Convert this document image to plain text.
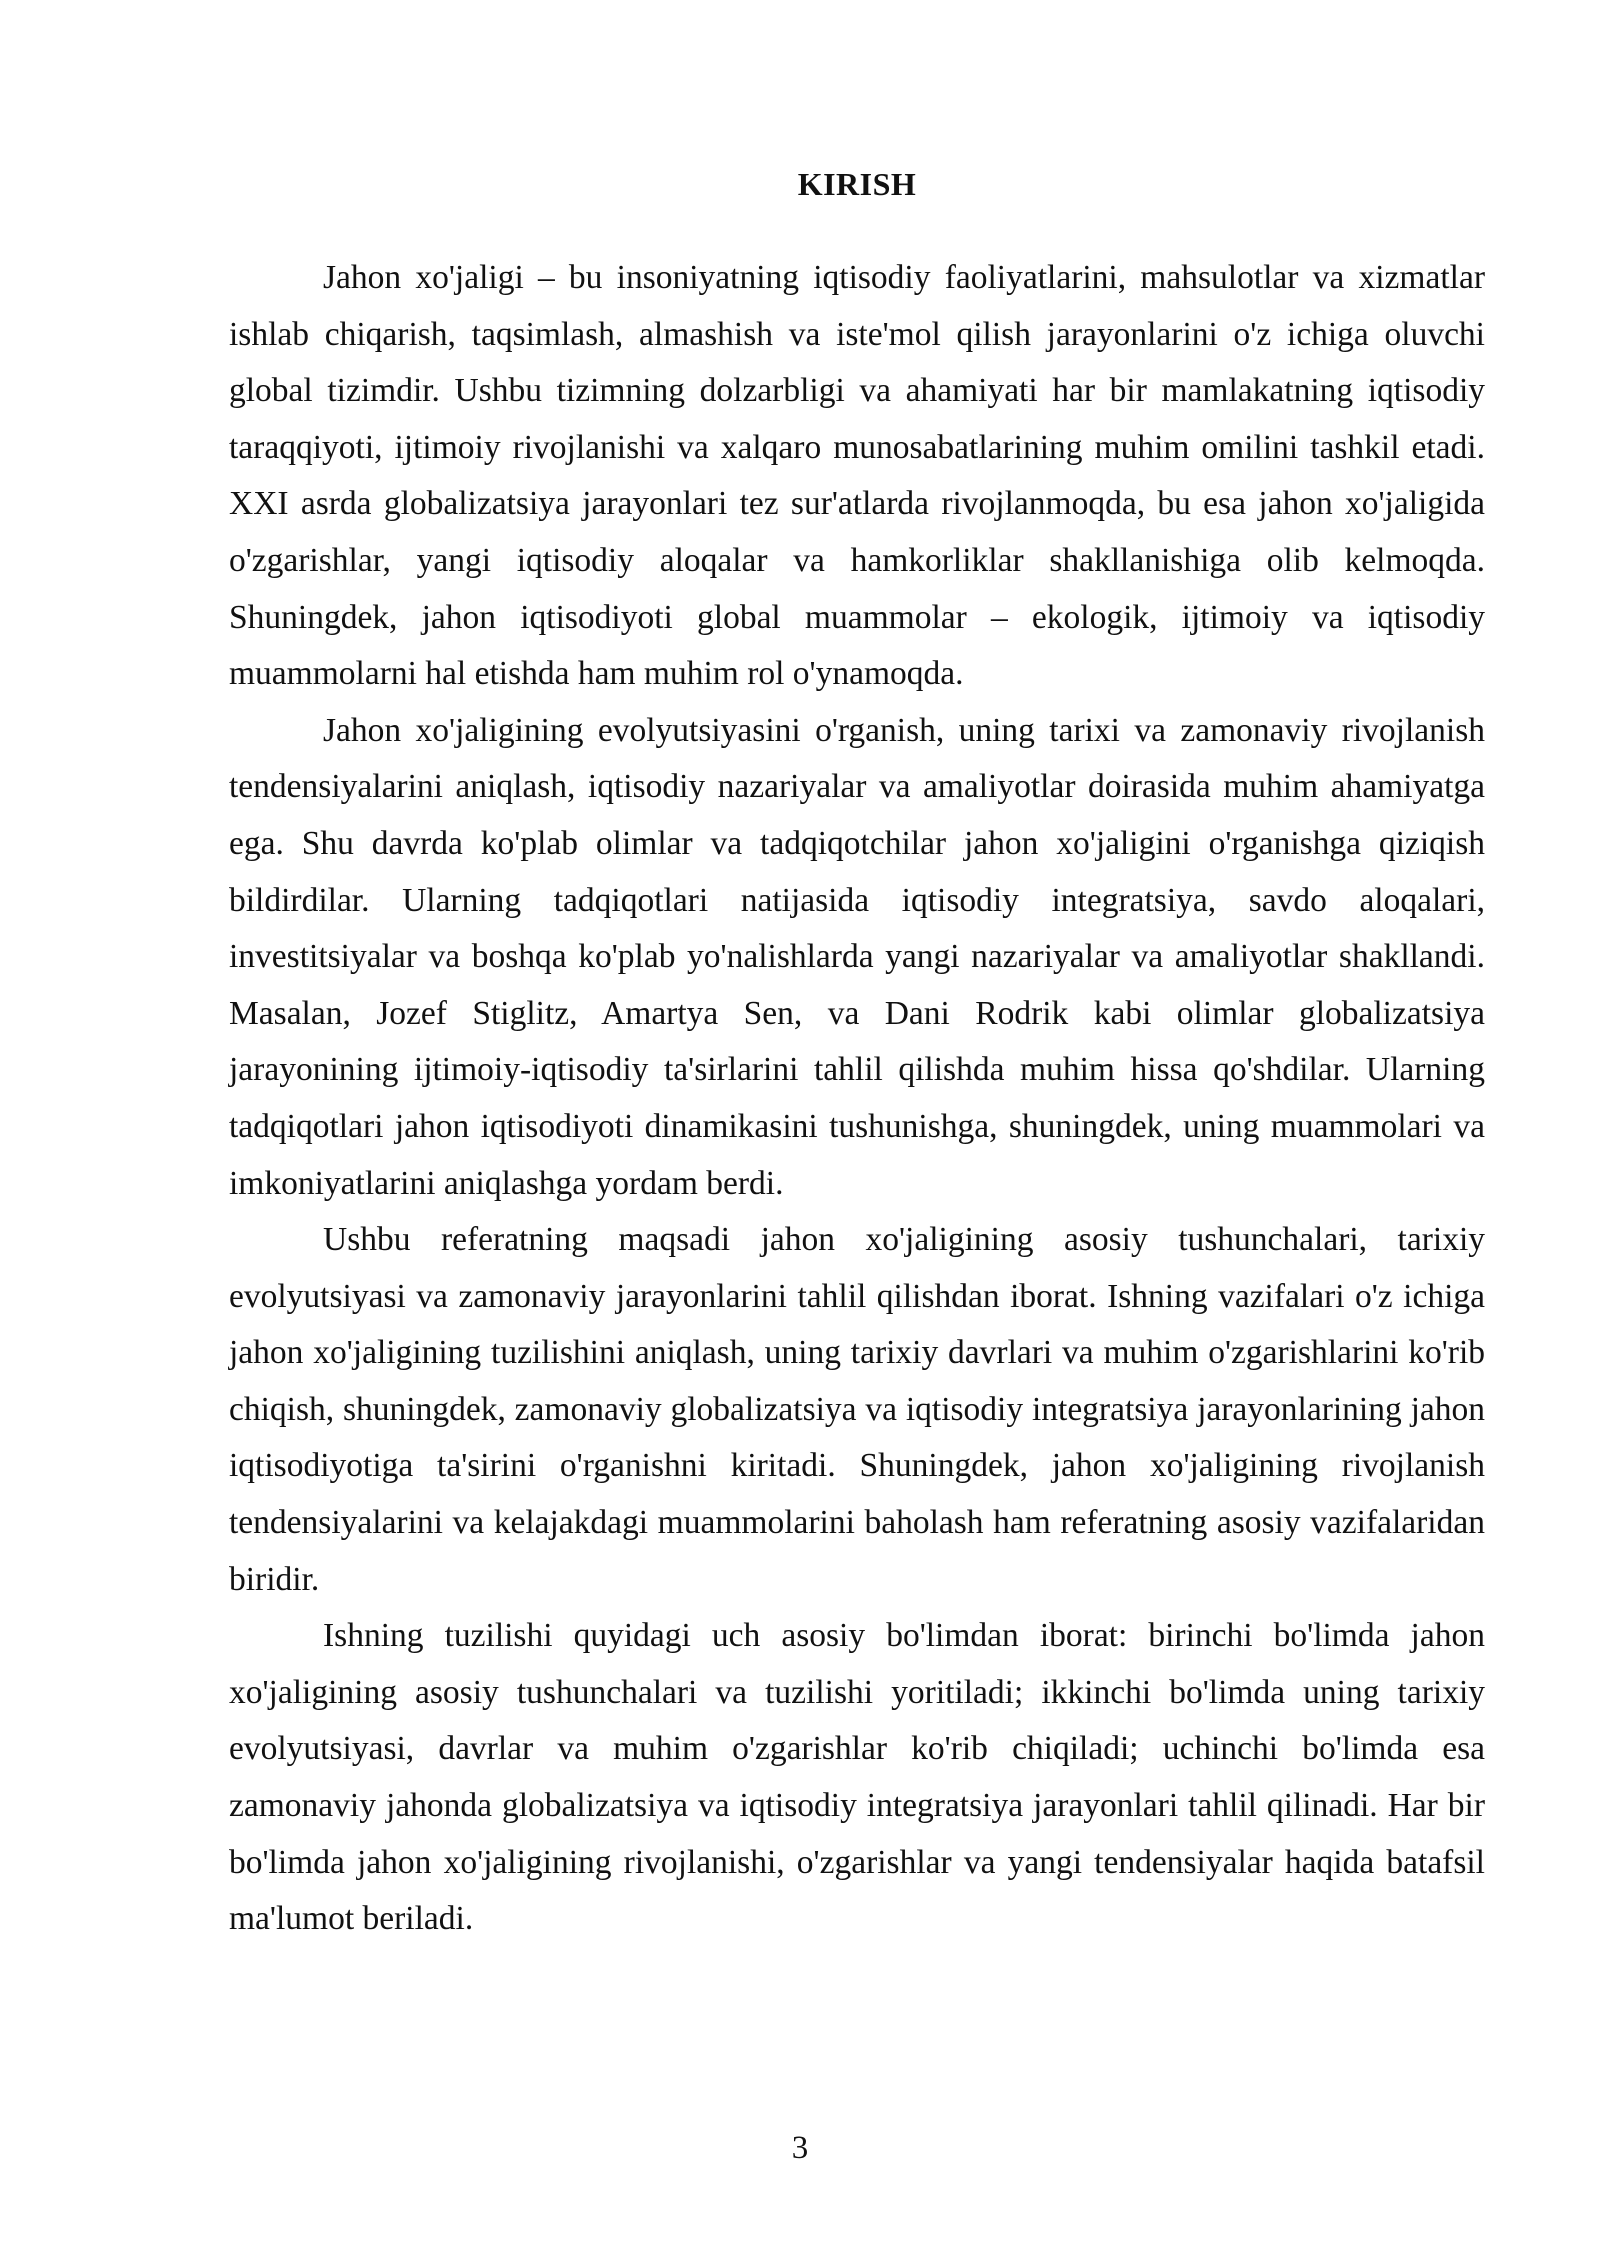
KIRISH

Jahon xo'jaligi – bu insoniyatning iqtisodiy faoliyatlarini, mahsulotlar va xizmatlar ishlab chiqarish, taqsimlash, almashish va iste'mol qilish jarayonlarini o'z ichiga oluvchi global tizimdir. Ushbu tizimning dolzarbligi va ahamiyati har bir mamlakatning iqtisodiy taraqqiyoti, ijtimoiy rivojlanishi va xalqaro munosabatlarining muhim omilini tashkil etadi. XXI asrda globalizatsiya jarayonlari tez sur'atlarda rivojlanmoqda, bu esa jahon xo'jaligida o'zgarishlar, yangi iqtisodiy aloqalar va hamkorliklar shakllanishiga olib kelmoqda. Shuningdek, jahon iqtisodiyoti global muammolar – ekologik, ijtimoiy va iqtisodiy muammolarni hal etishda ham muhim rol o'ynamoqda.

Jahon xo'jaligining evolyutsiyasini o'rganish, uning tarixi va zamonaviy rivojlanish tendensiyalarini aniqlash, iqtisodiy nazariyalar va amaliyotlar doirasida muhim ahamiyatga ega. Shu davrda ko'plab olimlar va tadqiqotchilar jahon xo'jaligini o'rganishga qiziqish bildirdilar. Ularning tadqiqotlari natijasida iqtisodiy integratsiya, savdo aloqalari, investitsiyalar va boshqa ko'plab yo'nalishlarda yangi nazariyalar va amaliyotlar shakllandi. Masalan, Jozef Stiglitz, Amartya Sen, va Dani Rodrik kabi olimlar globalizatsiya jarayonining ijtimoiy-iqtisodiy ta'sirlarini tahlil qilishda muhim hissa qo'shdilar. Ularning tadqiqotlari jahon iqtisodiyoti dinamikasini tushunishga, shuningdek, uning muammolari va imkoniyatlarini aniqlashga yordam berdi.

Ushbu referatning maqsadi jahon xo'jaligining asosiy tushunchalari, tarixiy evolyutsiyasi va zamonaviy jarayonlarini tahlil qilishdan iborat. Ishning vazifalari o'z ichiga jahon xo'jaligining tuzilishini aniqlash, uning tarixiy davrlari va muhim o'zgarishlarini ko'rib chiqish, shuningdek, zamonaviy globalizatsiya va iqtisodiy integratsiya jarayonlarining jahon iqtisodiyotiga ta'sirini o'rganishni kiritadi. Shuningdek, jahon xo'jaligining rivojlanish tendensiyalarini va kelajakdagi muammolarini baholash ham referatning asosiy vazifalaridan biridir.

Ishning tuzilishi quyidagi uch asosiy bo'limdan iborat: birinchi bo'limda jahon xo'jaligining asosiy tushunchalari va tuzilishi yoritiladi; ikkinchi bo'limda uning tarixiy evolyutsiyasi, davrlar va muhim o'zgarishlar ko'rib chiqiladi; uchinchi bo'limda esa zamonaviy jahonda globalizatsiya va iqtisodiy integratsiya jarayonlari tahlil qilinadi. Har bir bo'limda jahon xo'jaligining rivojlanishi, o'zgarishlar va yangi tendensiyalar haqida batafsil ma'lumot beriladi.

3
